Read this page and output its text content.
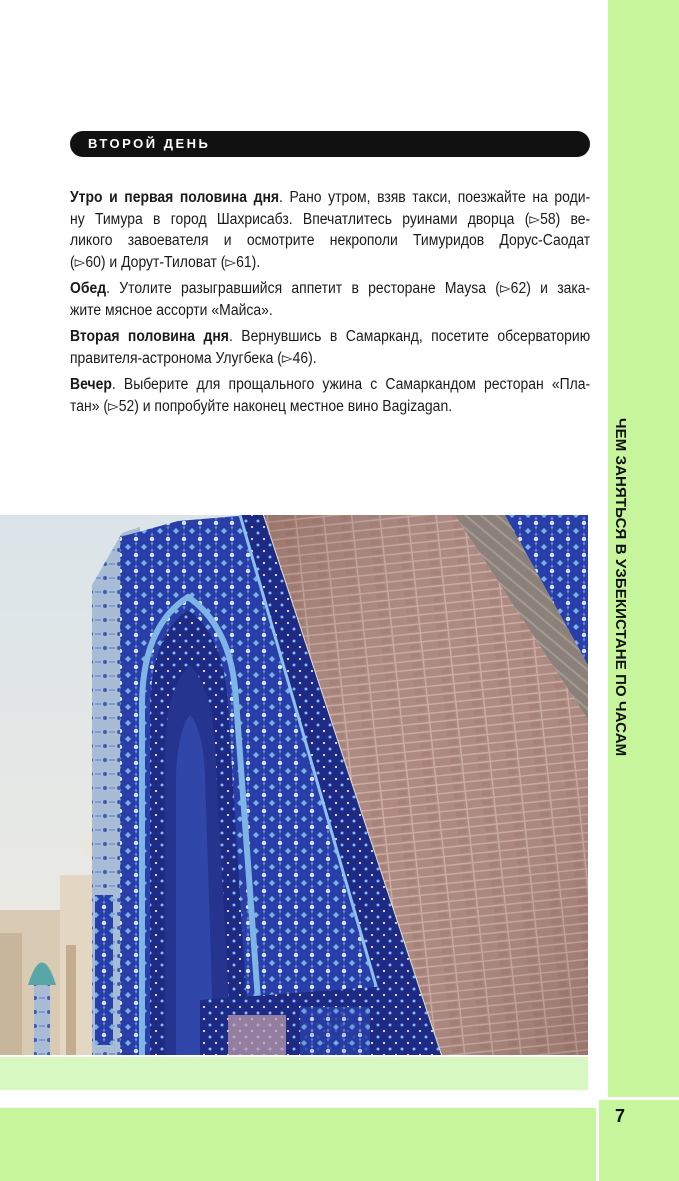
ЧЕМ ЗАНЯТЬСЯ В УЗБЕКИСТАНЕ ПО ЧАСАМ
ВТОРОЙ ДЕНЬ
Утро и первая половина дня. Рано утром, взяв такси, поезжайте на роди-
ну Тимура в город Шахрисабз. Впечатлитесь руинами дворца (▻58) ве-
ликого завоевателя и осмотрите некрополи Тимуридов Дорус-Саодат
(▻60) и Дорут-Тиловат (▻61).
Обед. Утолите разыгравшийся аппетит в ресторане Maysa (▻62) и зака-
жите мясное ассорти «Майса».
Вторая половина дня. Вернувшись в Самарканд, посетите обсерваторию
правителя-астронома Улугбека (▻46).
Вечер. Выберите для прощального ужина с Самаркандом ресторан «Пла-
тан» (▻52) и попробуйте наконец местное вино Bagizagan.
7
